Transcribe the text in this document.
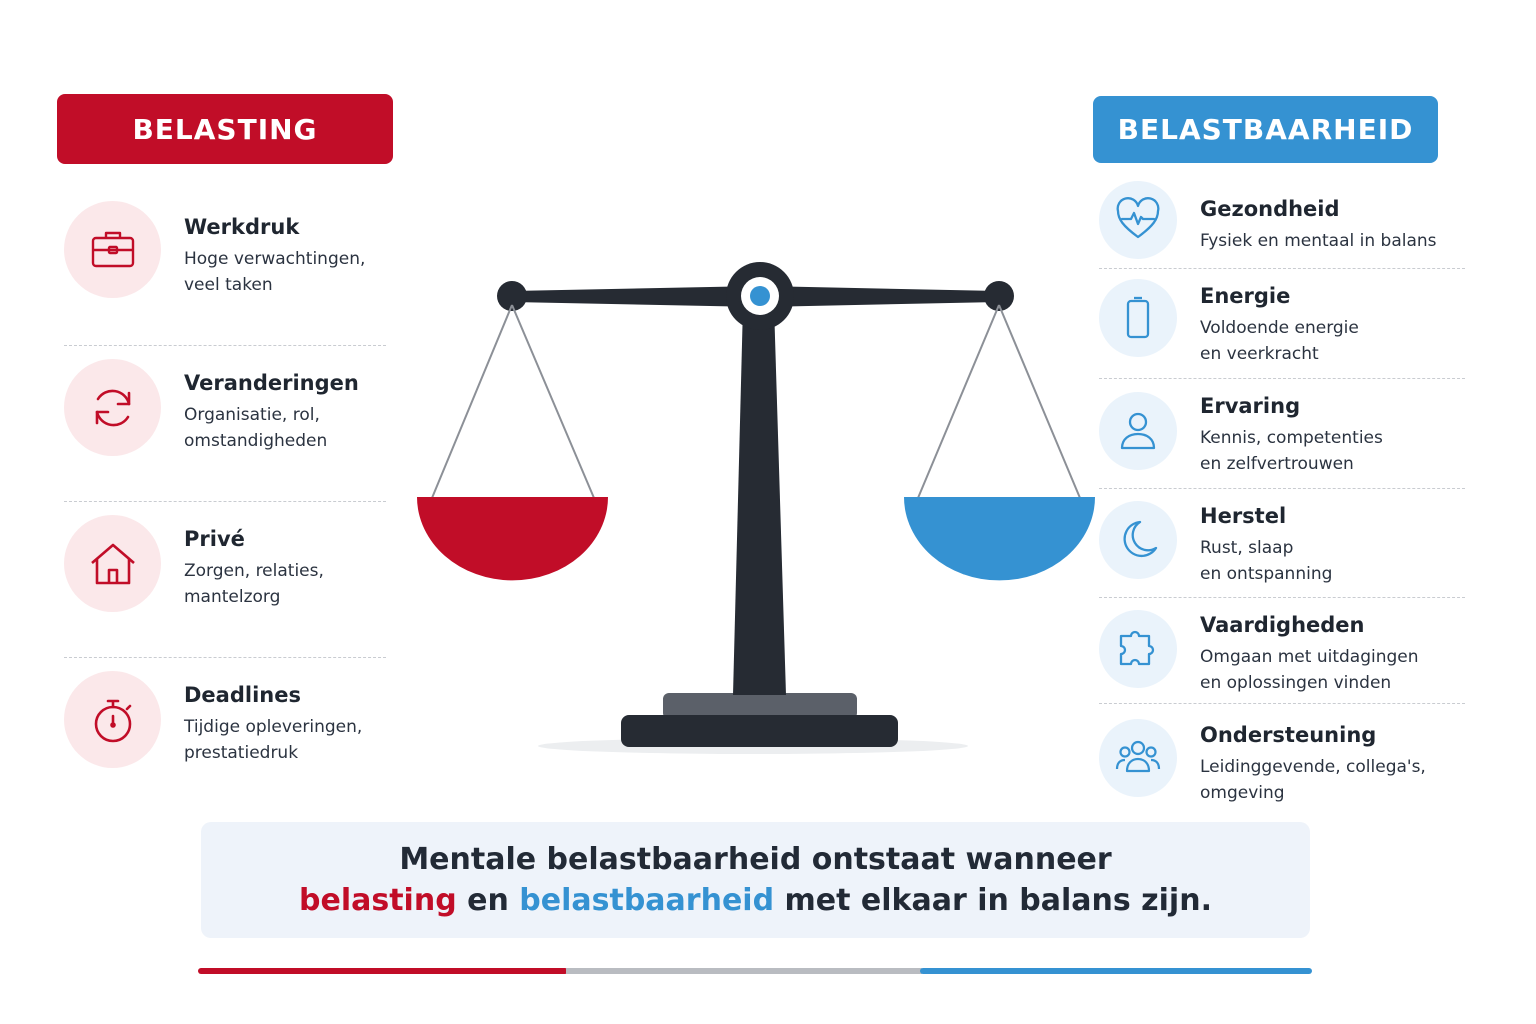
BELASTING
Werkdruk
Hoge verwachtingen,
veel taken
Veranderingen
Organisatie, rol,
omstandigheden
Privé
Zorgen, relaties,
mantelzorg
Deadlines
Tijdige opleveringen,
prestatiedruk
BELASTBAARHEID
Gezondheid
Fysiek en mentaal in balans
Energie
Voldoende energie
en veerkracht
Ervaring
Kennis, competenties
en zelfvertrouwen
Herstel
Rust, slaap
en ontspanning
Vaardigheden
Omgaan met uitdagingen
en oplossingen vinden
Ondersteuning
Leidinggevende, collega's,
omgeving
Mentale belastbaarheid ontstaat wanneer
belasting en belastbaarheid met elkaar in balans zijn.
